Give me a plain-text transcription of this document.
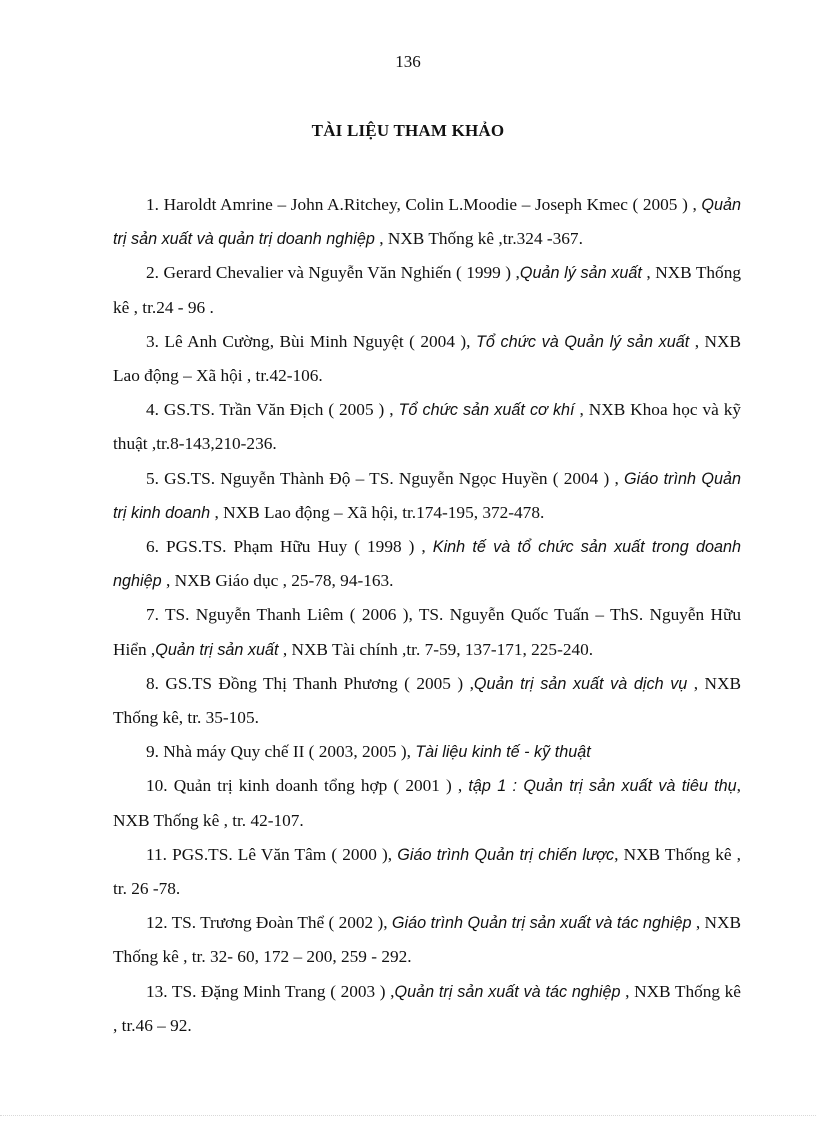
136
TÀI LIỆU THAM KHẢO

1. Haroldt Amrine – John A.Ritchey, Colin L.Moodie – Joseph Kmec ( 2005 ) , Quản trị sản xuất và quản trị doanh nghiệp , NXB Thống kê ,tr.324 -367.

2. Gerard Chevalier và Nguyễn Văn Nghiến ( 1999 ) ,Quản lý sản xuất , NXB Thống kê , tr.24 - 96 .

3. Lê Anh Cường, Bùi Minh Nguyệt ( 2004 ), Tổ chức và Quản lý sản xuất , NXB Lao động – Xã hội , tr.42-106.

4. GS.TS. Trần Văn Địch ( 2005 ) , Tổ chức sản xuất cơ khí , NXB Khoa học và kỹ thuật ,tr.8-143,210-236.

5. GS.TS. Nguyễn Thành Độ – TS. Nguyễn Ngọc Huyền ( 2004 ) , Giáo trình Quản trị kinh doanh , NXB Lao động – Xã hội, tr.174-195, 372-478.

6. PGS.TS. Phạm Hữu Huy ( 1998 ) , Kinh tế và tổ chức sản xuất trong doanh nghiệp , NXB Giáo dục , 25-78, 94-163.

7. TS. Nguyễn Thanh Liêm ( 2006 ), TS. Nguyễn Quốc Tuấn – ThS. Nguyễn Hữu Hiển ,Quản trị sản xuất , NXB Tài chính ,tr. 7-59, 137-171, 225-240.

8. GS.TS Đồng Thị Thanh Phương ( 2005 ) ,Quản trị sản xuất và dịch vụ , NXB Thống kê, tr. 35-105.

9. Nhà máy Quy chế II ( 2003, 2005 ), Tài liệu kinh tế - kỹ thuật

10. Quản trị kinh doanh tổng hợp ( 2001 ) , tập 1 : Quản trị sản xuất và tiêu thụ, NXB Thống kê , tr. 42-107.

11. PGS.TS. Lê Văn Tâm ( 2000 ), Giáo trình Quản trị chiến lược, NXB Thống kê , tr. 26 -78.

12. TS. Trương Đoàn Thể ( 2002 ), Giáo trình Quản trị sản xuất và tác nghiệp , NXB Thống kê , tr. 32- 60, 172 – 200, 259 - 292.

13. TS. Đặng Minh Trang ( 2003 ) ,Quản trị sản xuất và tác nghiệp , NXB Thống kê , tr.46 – 92.
